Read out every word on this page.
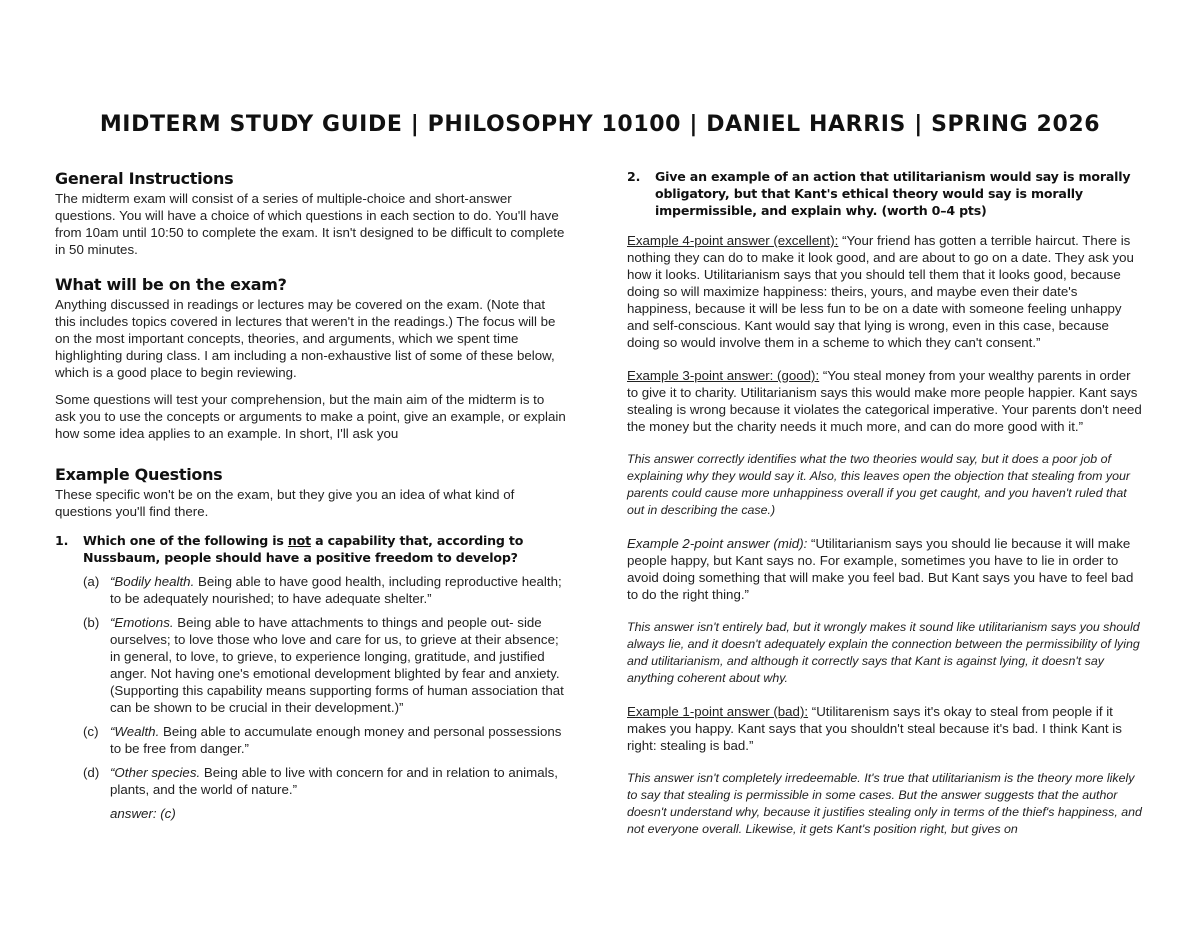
MIDTERM STUDY GUIDE | PHILOSOPHY 10100 | DANIEL HARRIS | SPRING 2026
General Instructions

The midterm exam will consist of a series of multiple-choice and short-answer questions. You will have a choice of which questions in each section to do. You'll have from 10am until 10:50 to complete the exam. It isn't designed to be difficult to complete in 50 minutes.

What will be on the exam?

Anything discussed in readings or lectures may be covered on the exam. (Note that this includes topics covered in lectures that weren't in the readings.) The focus will be on the most important concepts, theories, and arguments, which we spent time highlighting during class. I am including a non-exhaustive list of some of these below, which is a good place to begin reviewing.

Some questions will test your comprehension, but the main aim of the midterm is to ask you to use the concepts or arguments to make a point, give an example, or explain how some idea applies to an example. In short, I'll ask you

Example Questions

These specific won't be on the exam, but they give you an idea of what kind of questions you'll find there.

1.	Which one of the following is not a capability that, according to Nussbaum, people should have a positive freedom to develop?
(a) “Bodily health. Being able to have good health, including reproductive health; to be adequately nourished; to have adequate shelter.”
(b) “Emotions. Being able to have attachments to things and people out- side ourselves; to love those who love and care for us, to grieve at their absence; in general, to love, to grieve, to experience longing, gratitude, and justified anger. Not having one's emotional development blighted by fear and anxiety. (Supporting this capability means supporting forms of human association that can be shown to be crucial in their development.)”
(c) “Wealth. Being able to accumulate enough money and personal possessions to be free from danger.”
(d) “Other species. Being able to live with concern for and in relation to animals, plants, and the world of nature.”
answer: (c)
2.	Give an example of an action that utilitarianism would say is morally obligatory, but that Kant's ethical theory would say is morally impermissible, and explain why. (worth 0–4 pts)

Example 4-point answer (excellent): “Your friend has gotten a terrible haircut. There is nothing they can do to make it look good, and are about to go on a date. They ask you how it looks. Utilitarianism says that you should tell them that it looks good, because doing so will maximize happiness: theirs, yours, and maybe even their date's happiness, because it will be less fun to be on a date with someone feeling unhappy and self-conscious. Kant would say that lying is wrong, even in this case, because doing so would involve them in a scheme to which they can't consent.”

Example 3-point answer: (good): “You steal money from your wealthy parents in order to give it to charity. Utilitarianism says this would make more people happier. Kant says stealing is wrong because it violates the categorical imperative. Your parents don't need the money but the charity needs it much more, and can do more good with it.”

This answer correctly identifies what the two theories would say, but it does a poor job of explaining why they would say it. Also, this leaves open the objection that stealing from your parents could cause more unhappiness overall if you get caught, and you haven't ruled that out in describing the case.)

Example 2-point answer (mid): “Utilitarianism says you should lie because it will make people happy, but Kant says no. For example, sometimes you have to lie in order to avoid doing something that will make you feel bad. But Kant says you have to feel bad to do the right thing.”

This answer isn't entirely bad, but it wrongly makes it sound like utilitarianism says you should always lie, and it doesn't adequately explain the connection between the permissibility of lying and utilitarianism, and although it correctly says that Kant is against lying, it doesn't say anything coherent about why.

Example 1-point answer (bad): “Utilitarenism says it's okay to steal from people if it makes you happy. Kant says that you shouldn't steal because it's bad. I think Kant is right: stealing is bad.”

This answer isn't completely irredeemable. It's true that utilitarianism is the theory more likely to say that stealing is permissible in some cases. But the answer suggests that the author doesn't understand why, because it justifies stealing only in terms of the thief's happiness, and not everyone overall. Likewise, it gets Kant's position right, but gives on
